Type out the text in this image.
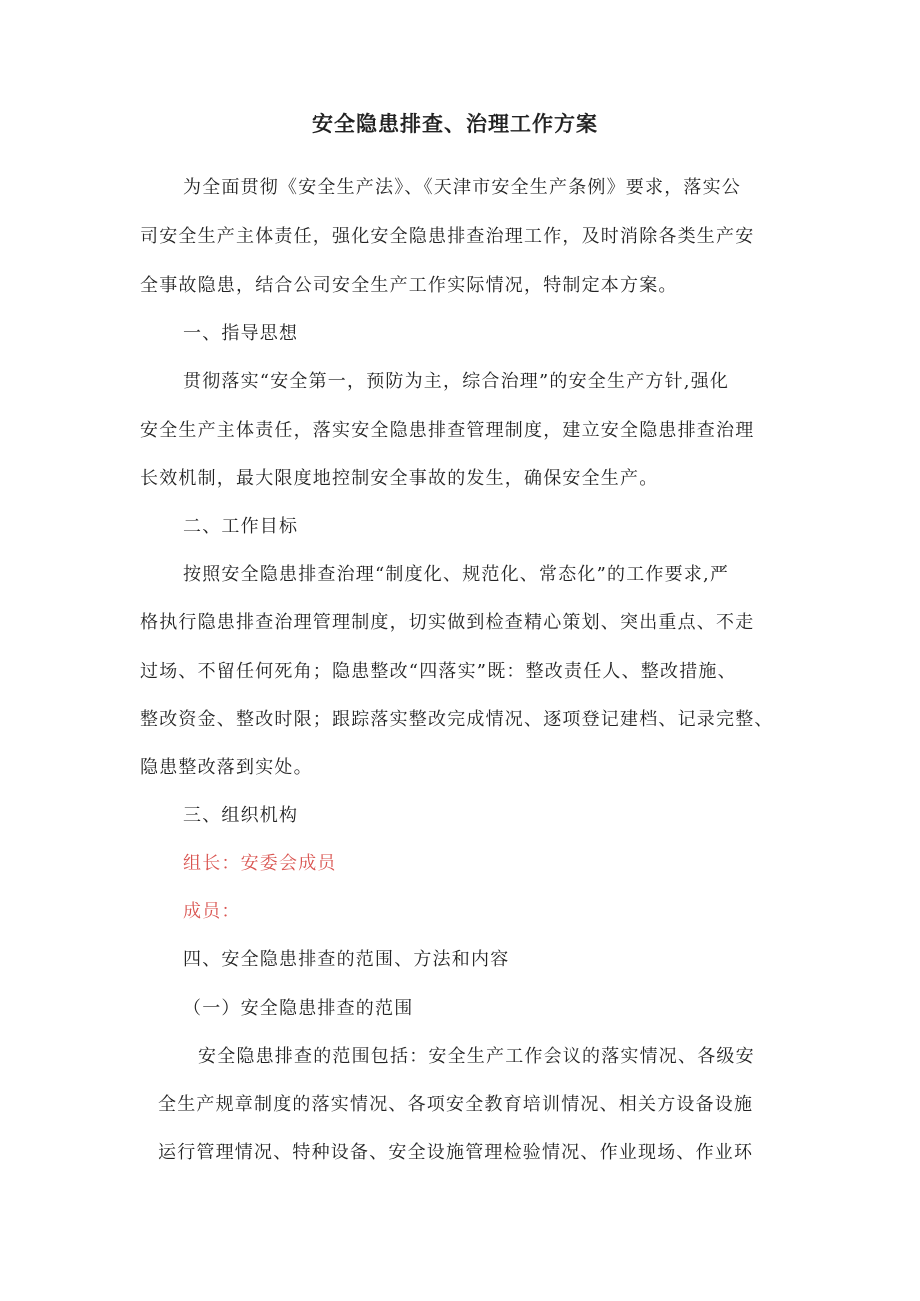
安全隐患排查、治理工作方案
为全面贯彻《安全生产法》、《天津市安全生产条例》要求，落实公
司安全生产主体责任，强化安全隐患排查治理工作，及时消除各类生产安
全事故隐患，结合公司安全生产工作实际情况，特制定本方案。
一、指导思想
贯彻落实“安全第一，预防为主，综合治理”的安全生产方针,强化
安全生产主体责任，落实安全隐患排查管理制度，建立安全隐患排查治理
长效机制，最大限度地控制安全事故的发生，确保安全生产。
二、工作目标
按照安全隐患排查治理“制度化、规范化、常态化”的工作要求,严
格执行隐患排查治理管理制度，切实做到检查精心策划、突出重点、不走
过场、不留任何死角；隐患整改“四落实”既：整改责任人、整改措施、
整改资金、整改时限；跟踪落实整改完成情况、逐项登记建档、记录完整、
隐患整改落到实处。
三、组织机构
组长：安委会成员
成员：
四、安全隐患排查的范围、方法和内容
（一）安全隐患排查的范围
安全隐患排查的范围包括：安全生产工作会议的落实情况、各级安
全生产规章制度的落实情况、各项安全教育培训情况、相关方设备设施
运行管理情况、特种设备、安全设施管理检验情况、作业现场、作业环
